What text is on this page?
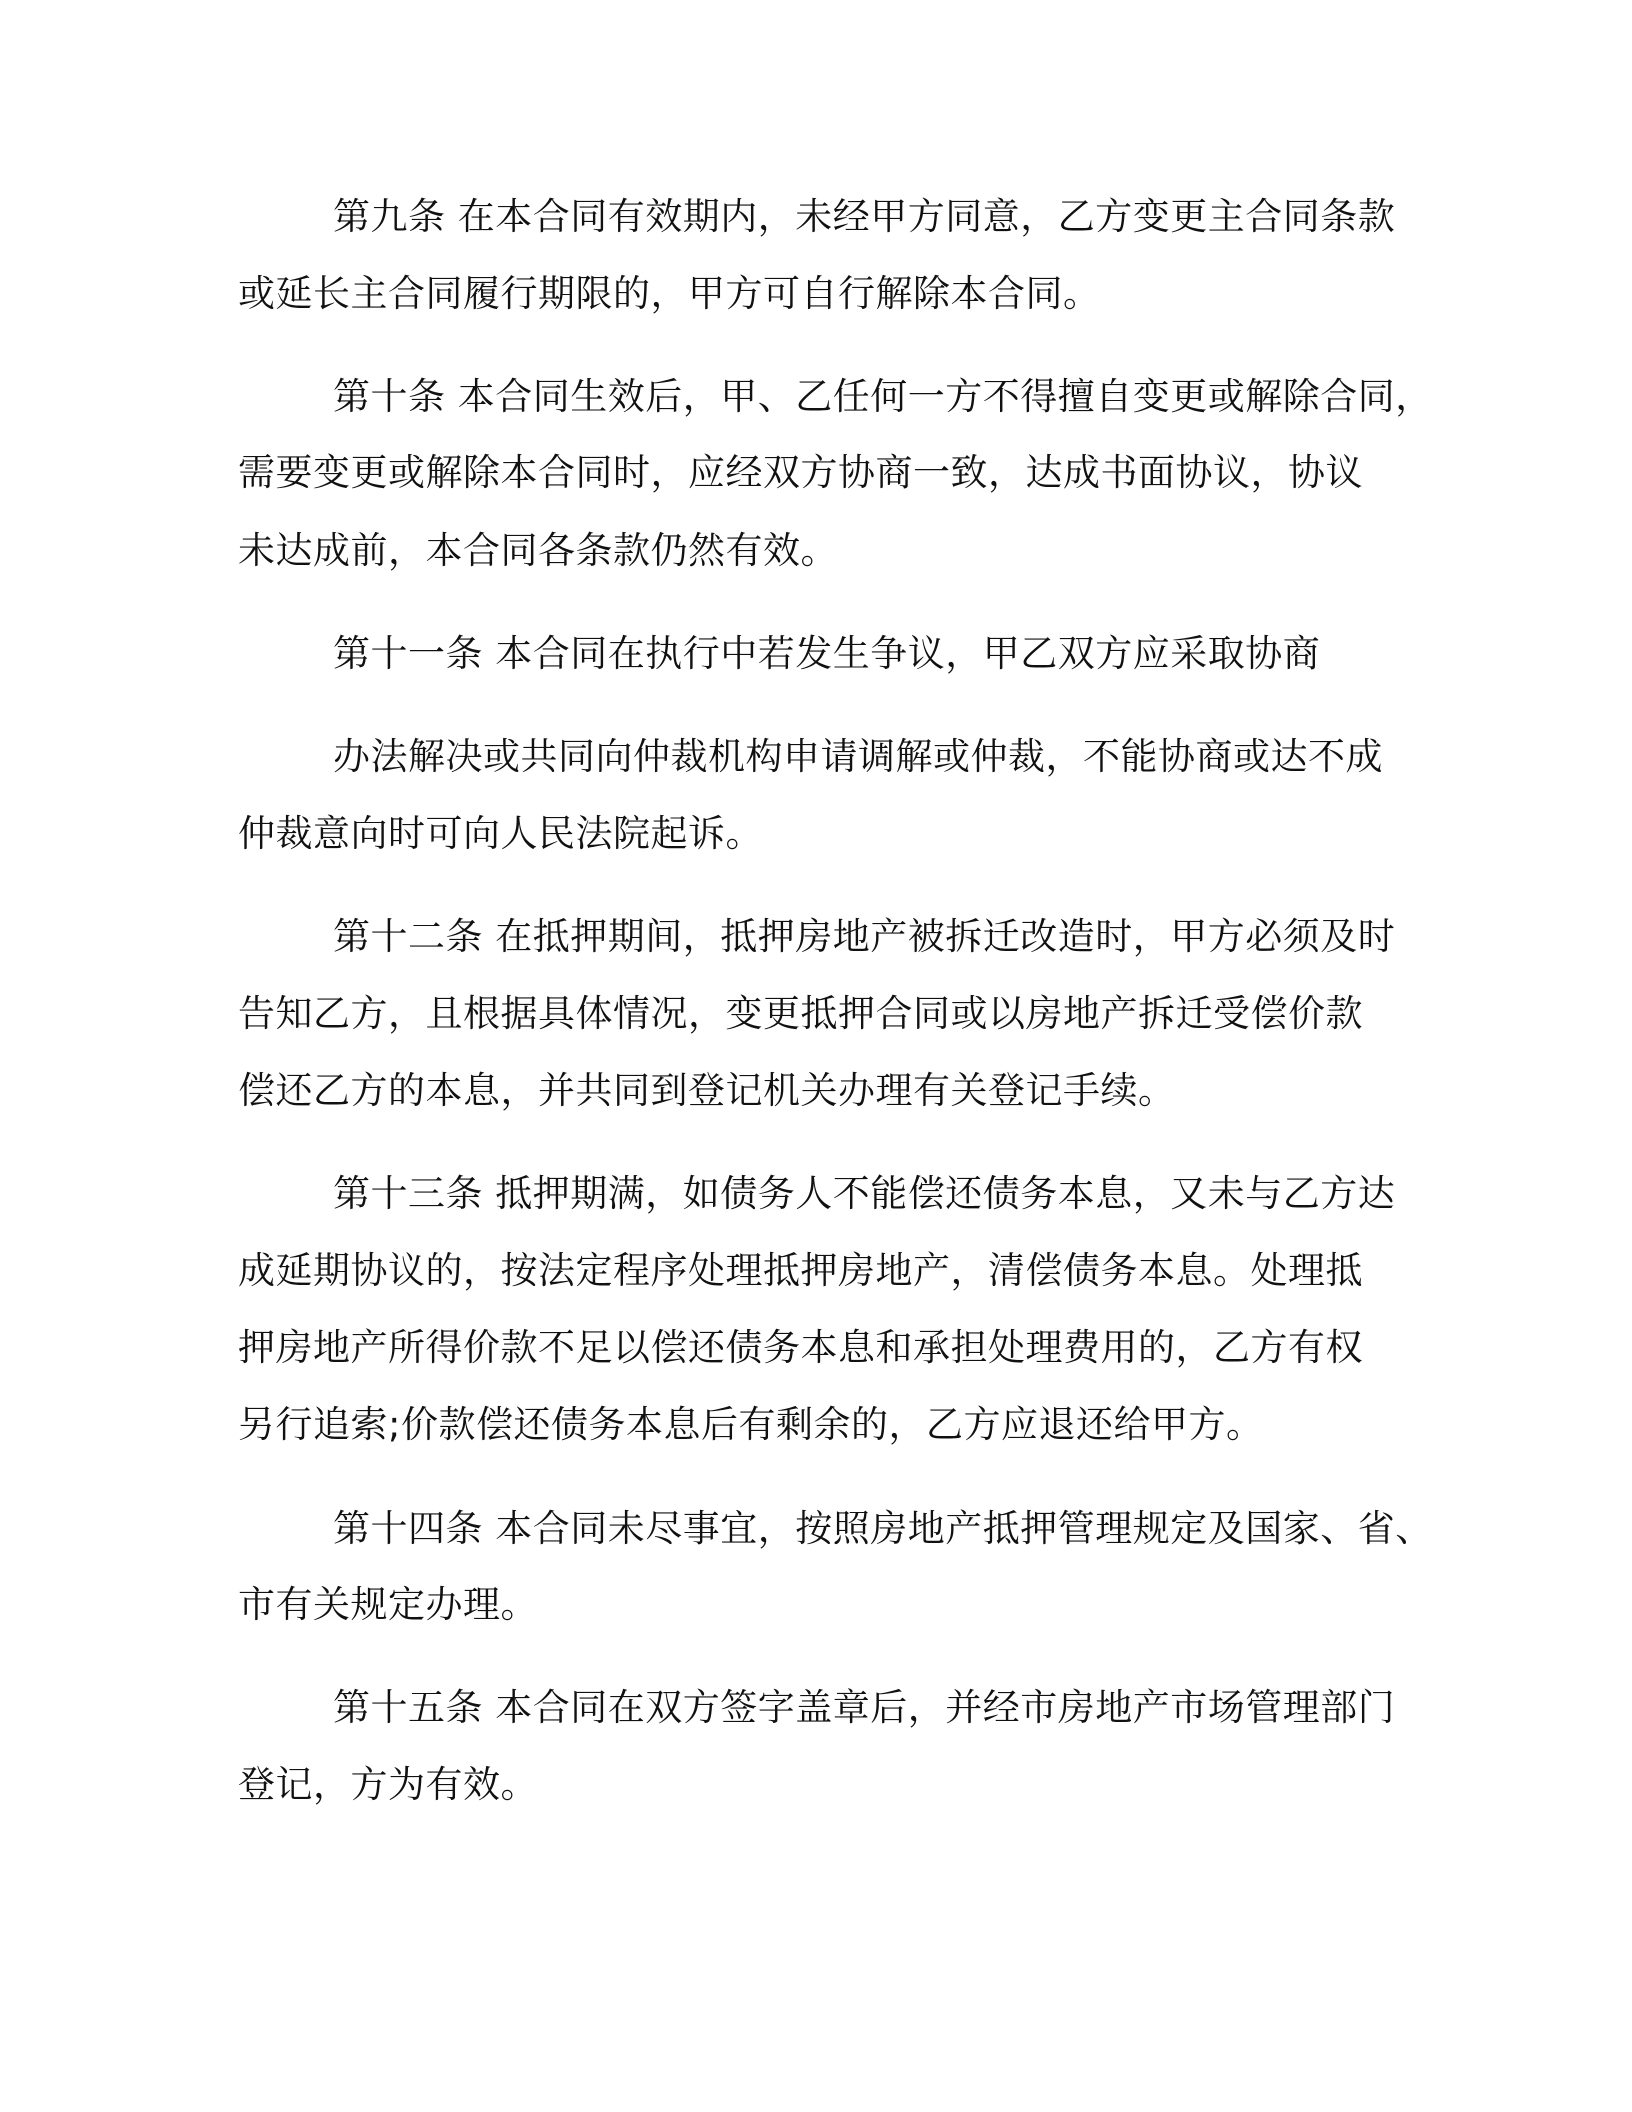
第九条 在本合同有效期内，未经甲方同意，乙方变更主合同条款
或延长主合同履行期限的，甲方可自行解除本合同。
第十条 本合同生效后，甲、乙任何一方不得擅自变更或解除合同，
需要变更或解除本合同时，应经双方协商一致，达成书面协议，协议
未达成前，本合同各条款仍然有效。
第十一条 本合同在执行中若发生争议，甲乙双方应采取协商
办法解决或共同向仲裁机构申请调解或仲裁，不能协商或达不成
仲裁意向时可向人民法院起诉。
第十二条 在抵押期间，抵押房地产被拆迁改造时，甲方必须及时
告知乙方，且根据具体情况，变更抵押合同或以房地产拆迁受偿价款
偿还乙方的本息，并共同到登记机关办理有关登记手续。
第十三条 抵押期满，如债务人不能偿还债务本息，又未与乙方达
成延期协议的，按法定程序处理抵押房地产，清偿债务本息。处理抵
押房地产所得价款不足以偿还债务本息和承担处理费用的，乙方有权
另行追索;价款偿还债务本息后有剩余的，乙方应退还给甲方。
第十四条 本合同未尽事宜，按照房地产抵押管理规定及国家、省、
市有关规定办理。
第十五条 本合同在双方签字盖章后，并经市房地产市场管理部门
登记，方为有效。
